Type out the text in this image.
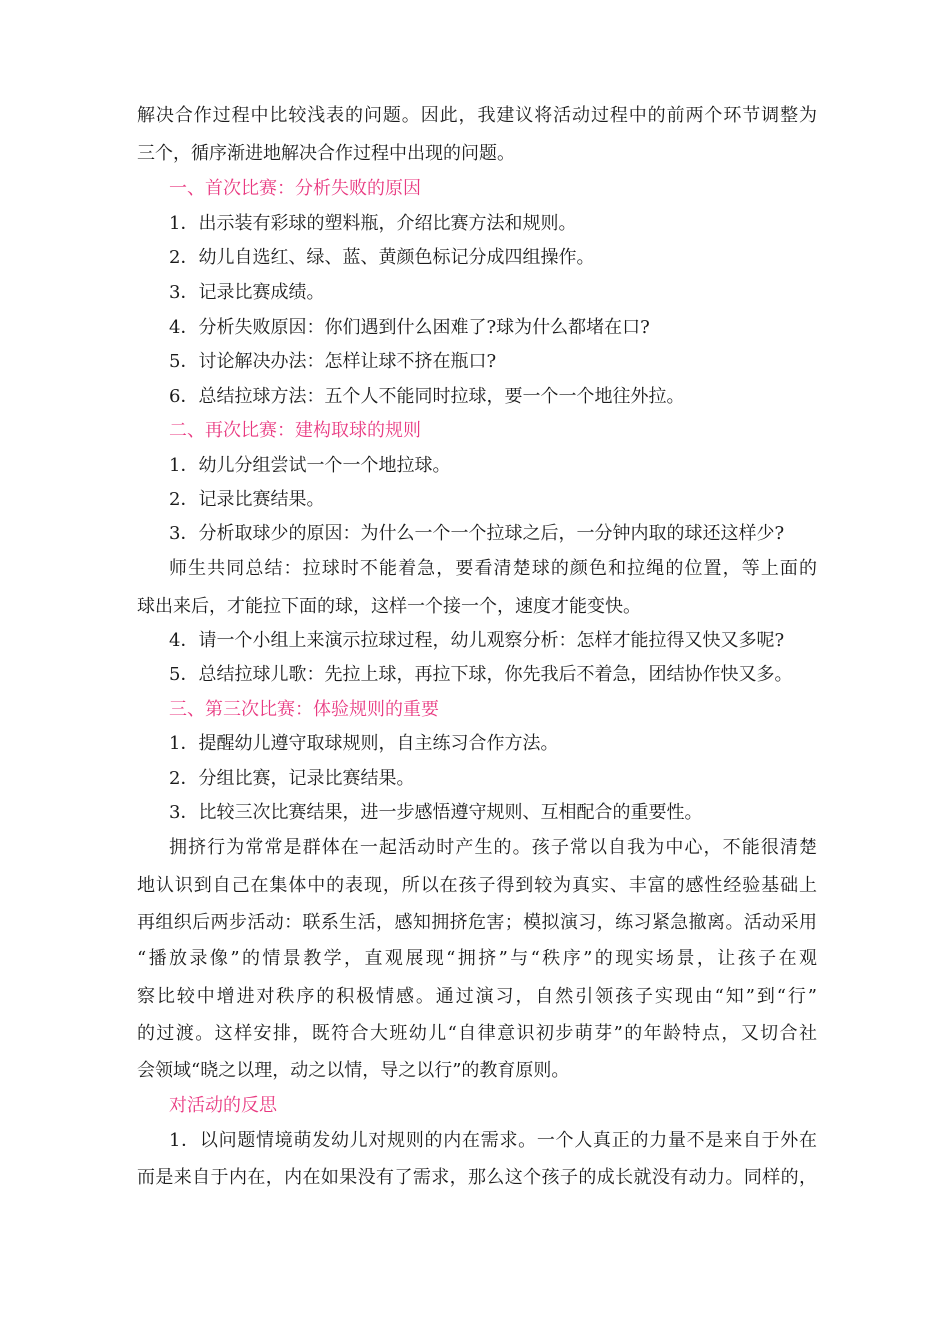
解决合作过程中比较浅表的问题。因此，我建议将活动过程中的前两个环节调整为
三个，循序渐进地解决合作过程中出现的问题。
一、首次比赛：分析失败的原因
1．出示装有彩球的塑料瓶，介绍比赛方法和规则。
2．幼儿自选红、绿、蓝、黄颜色标记分成四组操作。
3．记录比赛成绩。
4．分析失败原因：你们遇到什么困难了?球为什么都堵在口?
5．讨论解决办法：怎样让球不挤在瓶口?
6．总结拉球方法：五个人不能同时拉球，要一个一个地往外拉。
二、再次比赛：建构取球的规则
1．幼儿分组尝试一个一个地拉球。
2．记录比赛结果。
3．分析取球少的原因：为什么一个一个拉球之后，一分钟内取的球还这样少?
师生共同总结：拉球时不能着急，要看清楚球的颜色和拉绳的位置，等上面的
球出来后，才能拉下面的球，这样一个接一个，速度才能变快。
4．请一个小组上来演示拉球过程，幼儿观察分析：怎样才能拉得又快又多呢?
5．总结拉球儿歌：先拉上球，再拉下球，你先我后不着急，团结协作快又多。
三、第三次比赛：体验规则的重要
1．提醒幼儿遵守取球规则，自主练习合作方法。
2．分组比赛，记录比赛结果。
3．比较三次比赛结果，进一步感悟遵守规则、互相配合的重要性。
拥挤行为常常是群体在一起活动时产生的。孩子常以自我为中心，不能很清楚
地认识到自己在集体中的表现，所以在孩子得到较为真实、丰富的感性经验基础上
再组织后两步活动：联系生活，感知拥挤危害；模拟演习，练习紧急撤离。活动采用
“播放录像”的情景教学，直观展现“拥挤”与“秩序”的现实场景，让孩子在观
察比较中增进对秩序的积极情感。通过演习，自然引领孩子实现由“知”到“行”
的过渡。这样安排，既符合大班幼儿“自律意识初步萌芽”的年龄特点，又切合社
会领域“晓之以理，动之以情，导之以行”的教育原则。
对活动的反思
1．以问题情境萌发幼儿对规则的内在需求。一个人真正的力量不是来自于外在
而是来自于内在，内在如果没有了需求，那么这个孩子的成长就没有动力。同样的，
